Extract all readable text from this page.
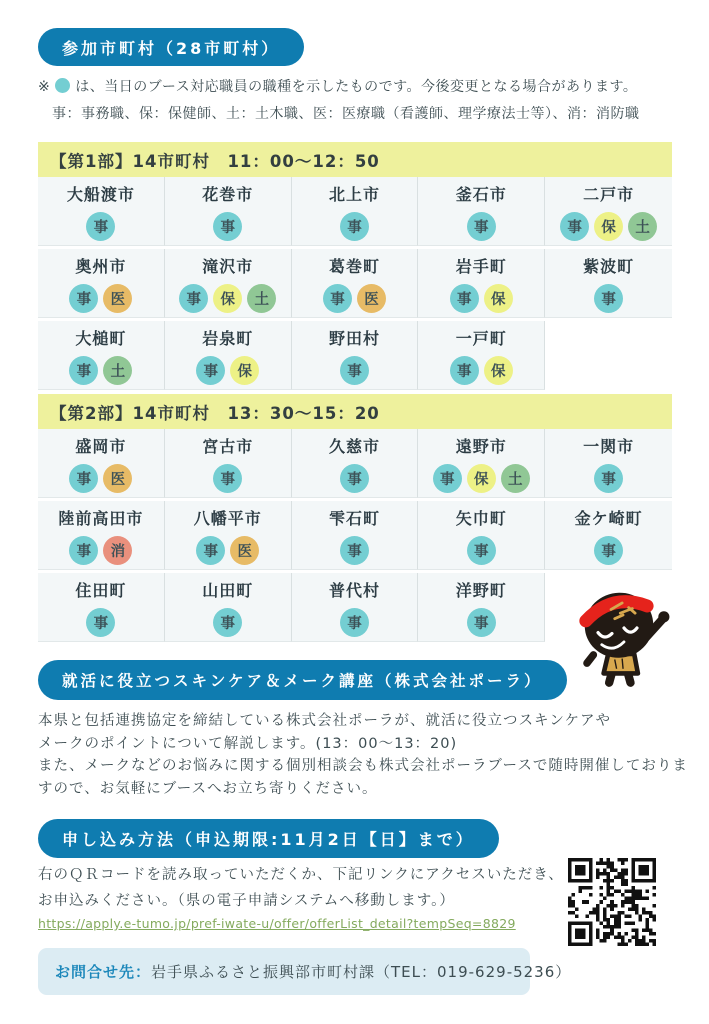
参加市町村（28市町村）
※ は、当日のブース対応職員の職種を示したものです。今後変更となる場合があります。
事：事務職、保：保健師、土：土木職、医：医療職（看護師、理学療法士等）、消：消防職
【第1部】14市町村　11：00～12：50
大船渡市
事
花巻市
事
北上市
事
釜石市
事
二戸市
事	保	土
奥州市
事	医
滝沢市
事	保	土
葛巻町
事	医
岩手町
事	保
紫波町
事
大槌町
事	土
岩泉町
事	保
野田村
事
一戸町
事	保
【第2部】14市町村　13：30～15：20
盛岡市
事	医
宮古市
事
久慈市
事
遠野市
事	保	土
一関市
事
陸前高田市
事	消
八幡平市
事	医
雫石町
事
矢巾町
事
金ケ崎町
事
住田町
事
山田町
事
普代村
事
洋野町
事
就活に役立つスキンケア＆メーク講座（株式会社ポーラ）
本県と包括連携協定を締結している株式会社ポーラが、就活に役立つスキンケアや
メークのポイントについて解説します。(13：00～13：20)
また、メークなどのお悩みに関する個別相談会も株式会社ポーラブースで随時開催しておりま
すので、お気軽にブースへお立ち寄りください。
申し込み方法（申込期限:11月2日【日】まで）
右のＱＲコードを読み取っていただくか、下記リンクにアクセスいただき、
お申込みください。（県の電子申請システムへ移動します。）
https://apply.e-tumo.jp/pref-iwate-u/offer/offerList_detail?tempSeq=8829
お問合せ先： 岩手県ふるさと振興部市町村課（TEL：019-629-5236）
